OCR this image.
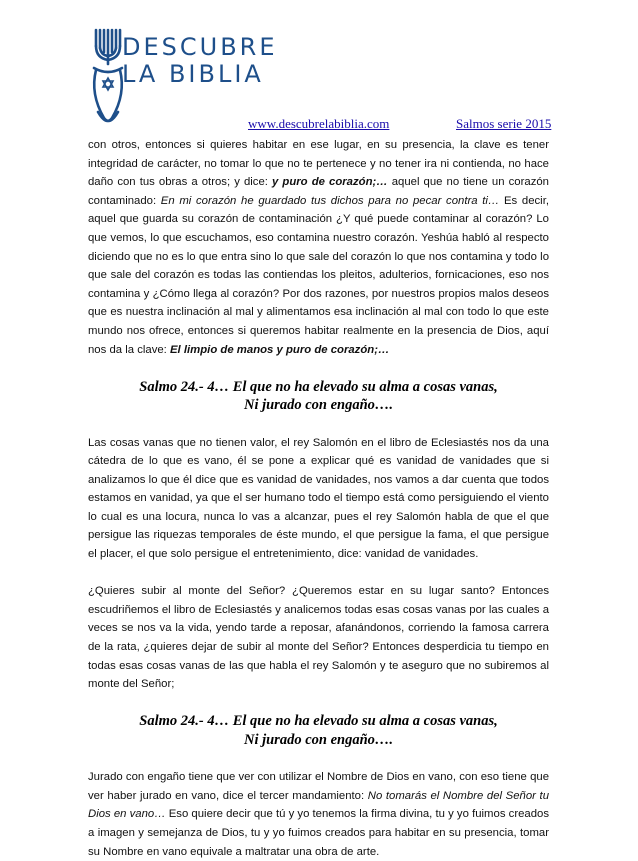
DESCUBRE
LA BIBLIA
www.descubrelabiblia.com	Salmos serie 2015

con otros, entonces si quieres habitar en ese lugar, en su presencia, la clave es tener integridad de carácter, no tomar lo que no te pertenece y no tener ira ni contienda, no hace daño con tus obras a otros; y dice: y puro de corazón;… aquel que no tiene un corazón contaminado: En mi corazón he guardado tus dichos para no pecar contra ti… Es decir, aquel que guarda su corazón de contaminación ¿Y qué puede contaminar al corazón? Lo que vemos, lo que escuchamos, eso contamina nuestro corazón. Yeshúa habló al respecto diciendo que no es lo que entra sino lo que sale del corazón lo que nos contamina y todo lo que sale del corazón es todas las contiendas los pleitos, adulterios, fornicaciones, eso nos contamina y ¿Cómo llega al corazón? Por dos razones, por nuestros propios malos deseos que es nuestra inclinación al mal y alimentamos esa inclinación al mal con todo lo que este mundo nos ofrece, entonces si queremos habitar realmente en la presencia de Dios, aquí nos da la clave: El limpio de manos y puro de corazón;…

Salmo 24.- 4… El que no ha elevado su alma a cosas vanas,
Ni jurado con engaño….

Las cosas vanas que no tienen valor, el rey Salomón en el libro de Eclesiastés nos da una cátedra de lo que es vano, él se pone a explicar qué es vanidad de vanidades que si analizamos lo que él dice que es vanidad de vanidades, nos vamos a dar cuenta que todos estamos en vanidad, ya que el ser humano todo el tiempo está como persiguiendo el viento lo cual es una locura, nunca lo vas a alcanzar, pues el rey Salomón habla de que el que persigue las riquezas temporales de éste mundo, el que persigue la fama, el que persigue el placer, el que solo persigue el entretenimiento, dice: vanidad de vanidades.

¿Quieres subir al monte del Señor? ¿Queremos estar en su lugar santo? Entonces escudriñemos el libro de Eclesiastés y analicemos todas esas cosas vanas por las cuales a veces se nos va la vida, yendo tarde a reposar, afanándonos, corriendo la famosa carrera de la rata, ¿quieres dejar de subir al monte del Señor? Entonces desperdicia tu tiempo en todas esas cosas vanas de las que habla el rey Salomón y te aseguro que no subiremos al monte del Señor;

Salmo 24.- 4… El que no ha elevado su alma a cosas vanas,
Ni jurado con engaño….

Jurado con engaño tiene que ver con utilizar el Nombre de Dios en vano, con eso tiene que ver haber jurado en vano, dice el tercer mandamiento: No tomarás el Nombre del Señor tu Dios en vano… Eso quiere decir que tú y yo tenemos la firma divina, tu y yo fuimos creados a imagen y semejanza de Dios, tu y yo fuimos creados para habitar en su presencia, tomar su Nombre en vano equivale a maltratar una obra de arte.
